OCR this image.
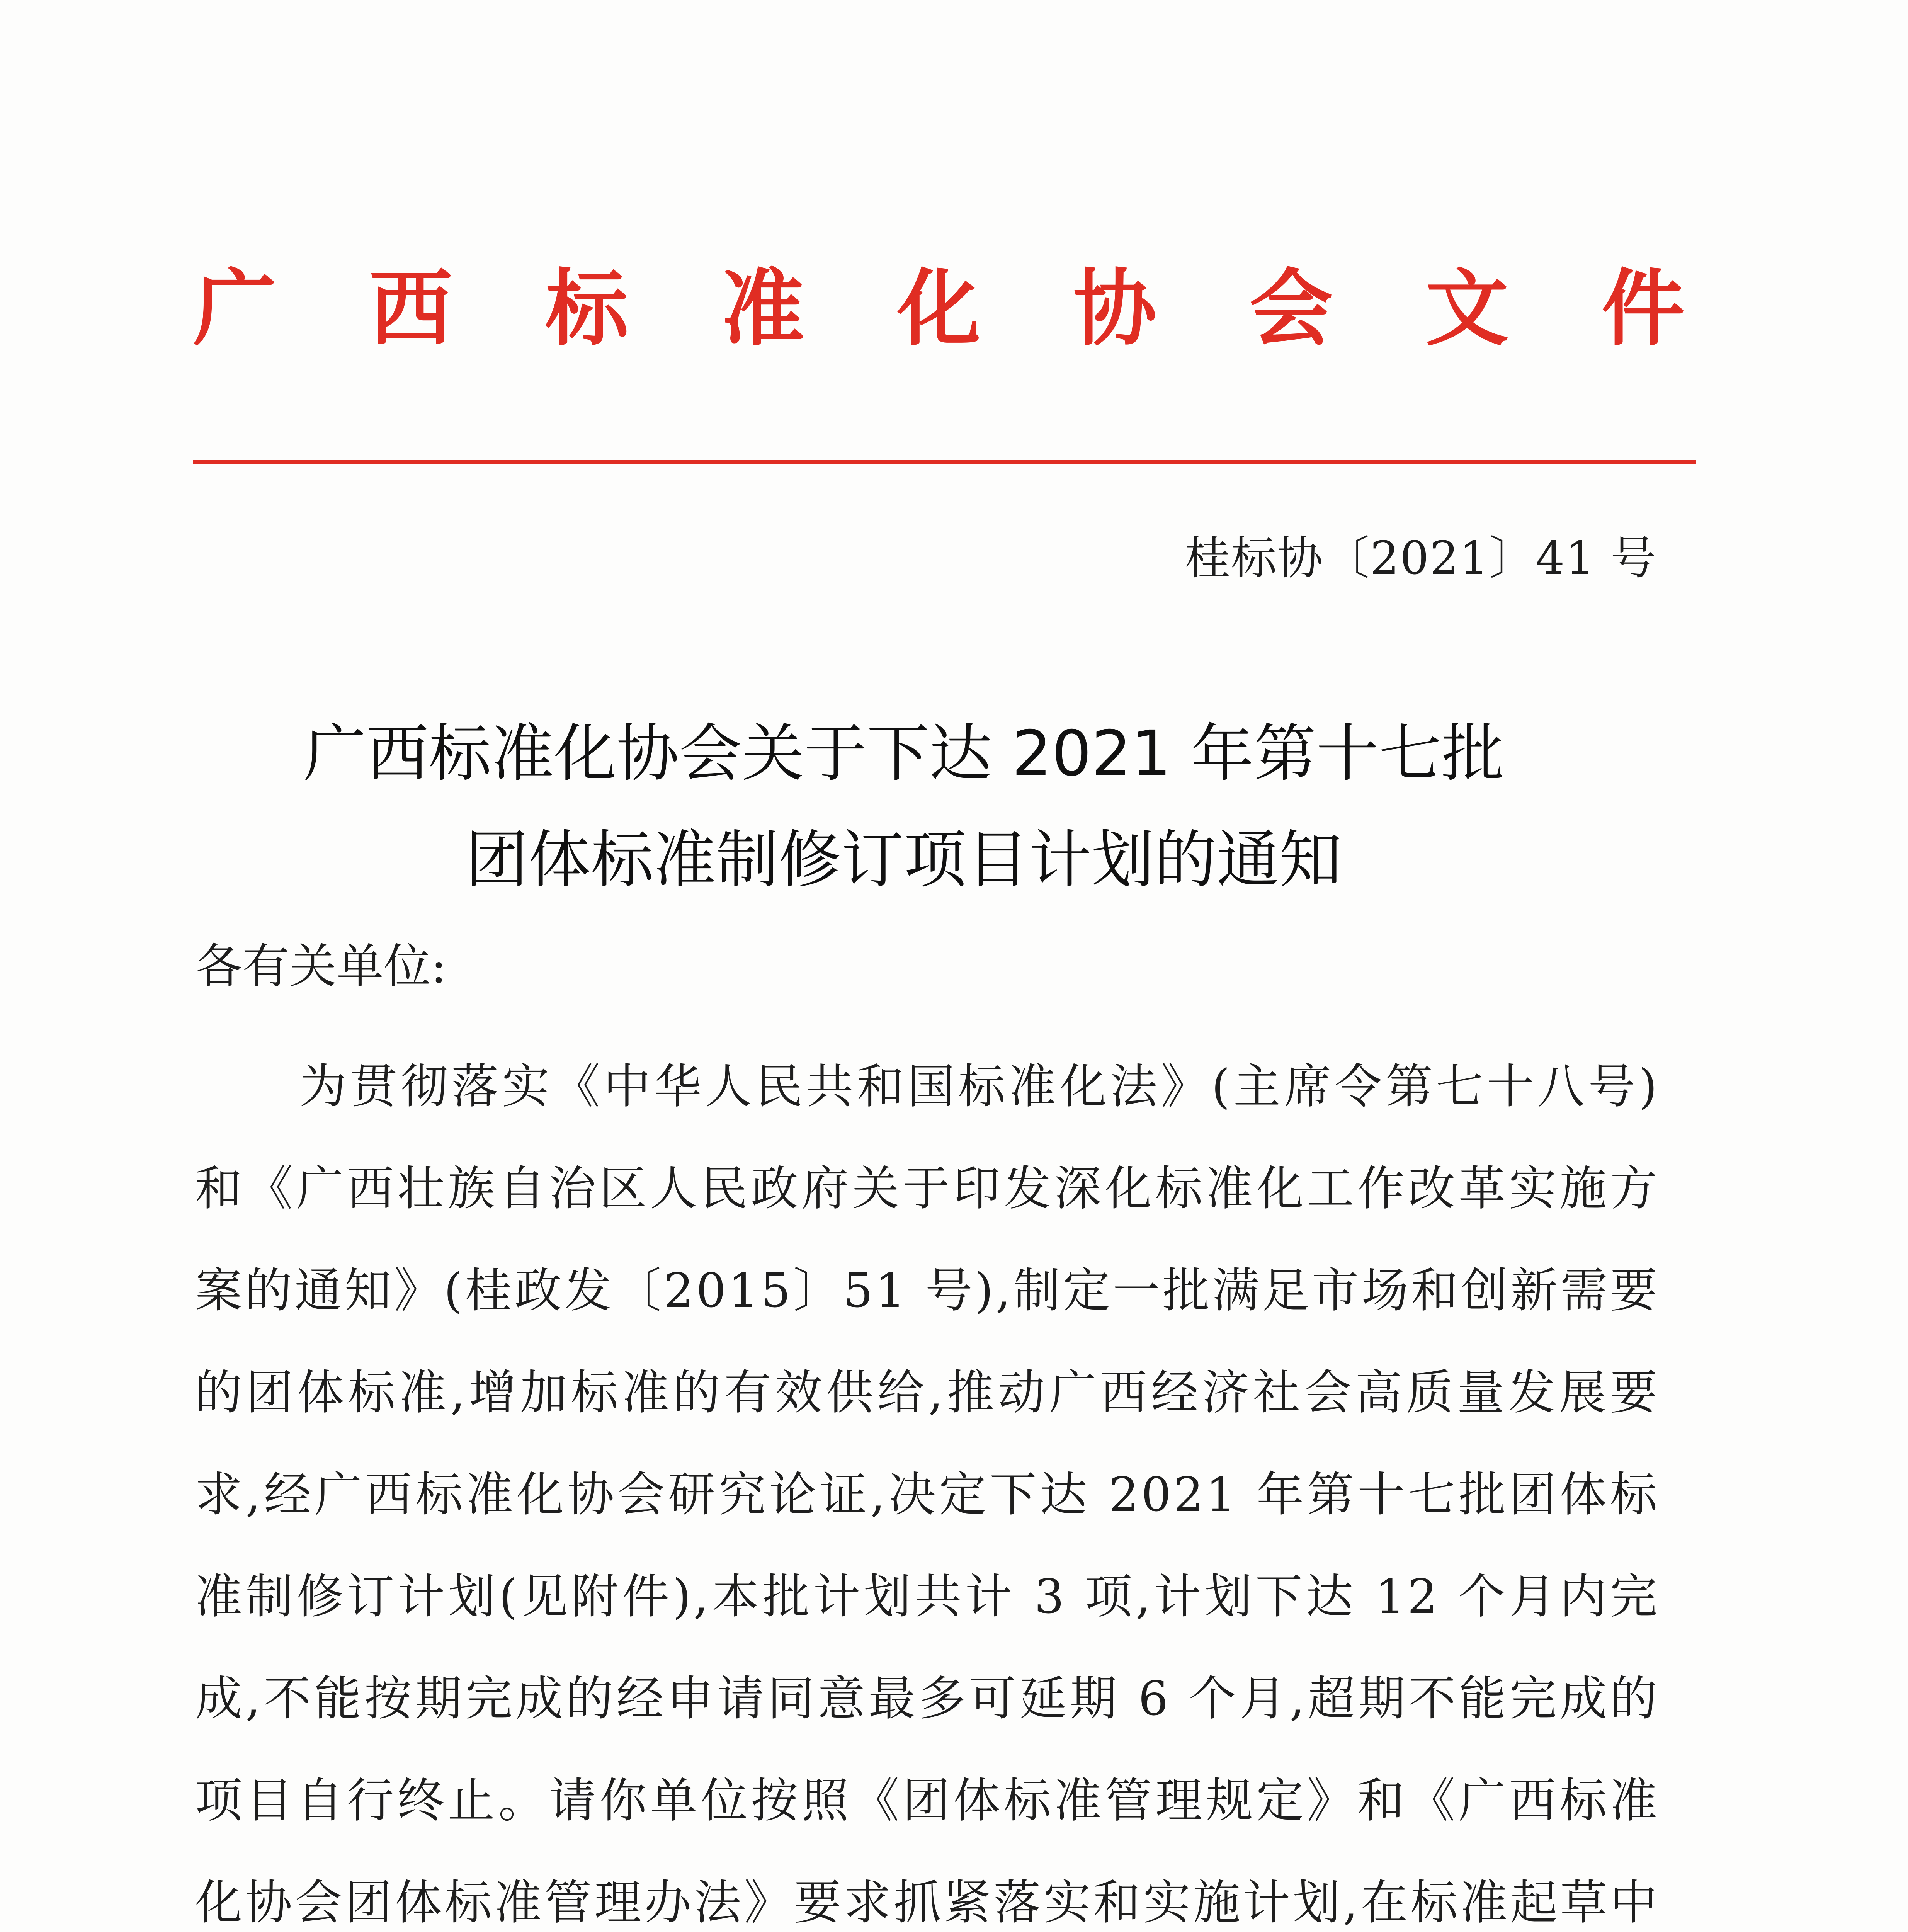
广 西 标 准 化 协 会 文 件
桂标协〔2021〕41 号
广西标准化协会关于下达 2021 年第十七批
团体标准制修订项目计划的通知
各有关单位:

为贯彻落实《中华人民共和国标准化法》(主席令第七十八号)和《广西壮族自治区人民政府关于印发深化标准化工作改革实施方案的通知》(桂政发〔2015〕51 号),制定一批满足市场和创新需要的团体标准,增加标准的有效供给,推动广西经济社会高质量发展要求,经广西标准化协会研究论证,决定下达 2021 年第十七批团体标准制修订计划(见附件),本批计划共计 3 项,计划下达 12 个月内完成,不能按期完成的经申请同意最多可延期 6 个月,超期不能完成的项目自行终止。请你单位按照《团体标准管理规定》和《广西标准化协会团体标准管理办法》要求抓紧落实和实施计划,在标准起草中
